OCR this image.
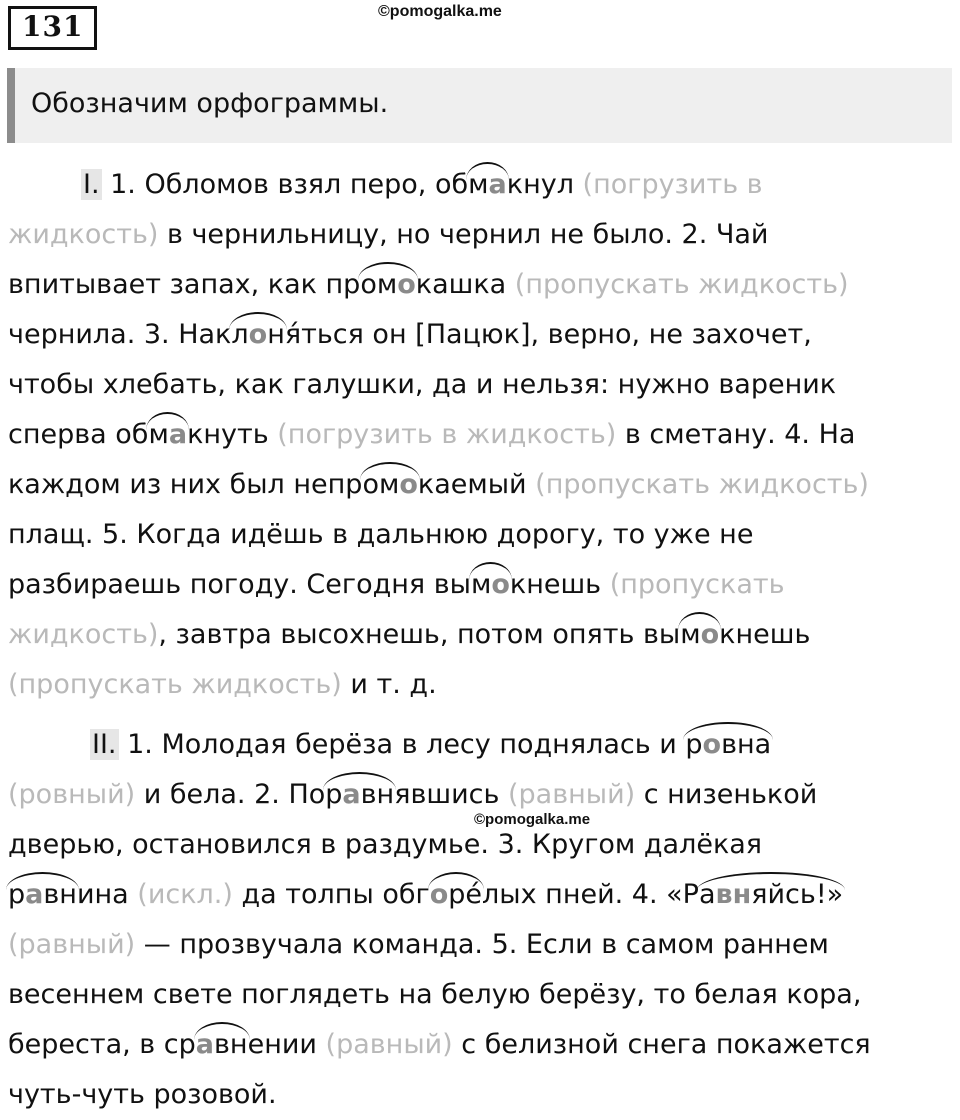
131	©pomogalka.me
Обозначим орфограммы.
I. 1. Обломов взял перо, обмакнул (погрузить в
жидкость) в чернильницу, но чернил не было. 2. Чай
впитывает запах, как промокашка (пропускать жидкость)
чернила. 3. Наклоня́ться он [Пацюк], верно, не захочет,
чтобы хлебать, как галушки, да и нельзя: нужно вареник
сперва обмакнуть (погрузить в жидкость) в сметану. 4. На
каждом из них был непромокаемый (пропускать жидкость)
плащ. 5. Когда идёшь в дальнюю дорогу, то уже не
разбираешь погоду. Сегодня вымокнешь (пропускать
жидкость), завтра высохнешь, потом опять вымокнешь
(пропускать жидкость) и т. д.
II. 1. Молодая берёза в лесу поднялась и ровна
(ровный) и бела. 2. Поравнявшись (равный) с низенькой
дверью, остановился в раздумье. 3. Кругом далёкая
равнина (искл.) да толпы обгоре́лых пней. 4. «Равняйсь!»
(равный) — прозвучала команда. 5. Если в самом раннем
весеннем свете поглядеть на белую берёзу, то белая кора,
береста, в сравнении (равный) с белизной снега покажется
чуть-чуть розовой.
©pomogalka.me
